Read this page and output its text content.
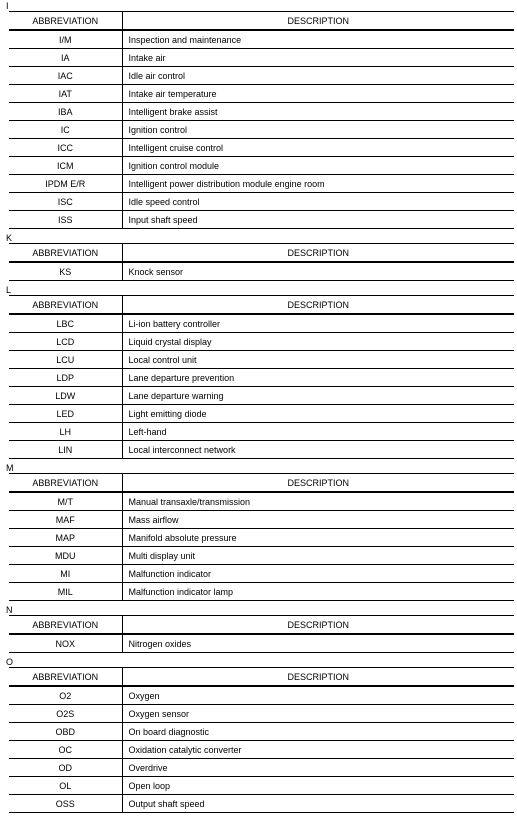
I
ABBREVIATION	DESCRIPTION
I/M	Inspection and maintenance
IA	Intake air
IAC	Idle air control
IAT	Intake air temperature
IBA	Intelligent brake assist
IC	Ignition control
ICC	Intelligent cruise control
ICM	Ignition control module
IPDM E/R	Intelligent power distribution module engine room
ISC	Idle speed control
ISS	Input shaft speed
K
ABBREVIATION	DESCRIPTION
KS	Knock sensor
L
ABBREVIATION	DESCRIPTION
LBC	Li-ion battery controller
LCD	Liquid crystal display
LCU	Local control unit
LDP	Lane departure prevention
LDW	Lane departure warning
LED	Light emitting diode
LH	Left-hand
LIN	Local interconnect network
M
ABBREVIATION	DESCRIPTION
M/T	Manual transaxle/transmission
MAF	Mass airflow
MAP	Manifold absolute pressure
MDU	Multi display unit
MI	Malfunction indicator
MIL	Malfunction indicator lamp
N
ABBREVIATION	DESCRIPTION
NOX	Nitrogen oxides
O
ABBREVIATION	DESCRIPTION
O2	Oxygen
O2S	Oxygen sensor
OBD	On board diagnostic
OC	Oxidation catalytic converter
OD	Overdrive
OL	Open loop
OSS	Output shaft speed
